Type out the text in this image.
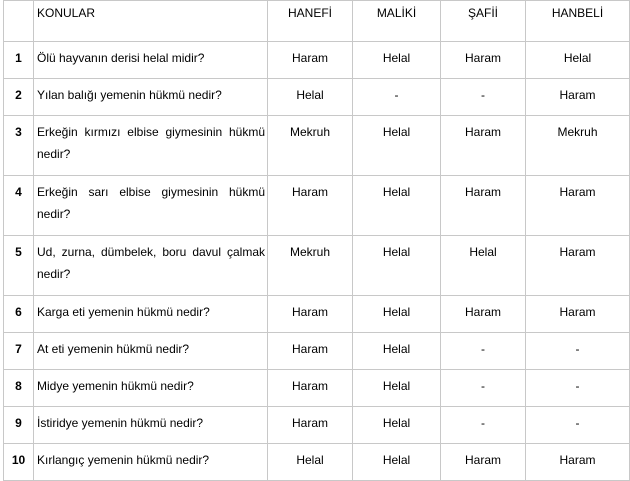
	KONULAR	HANEFİ	MALİKİ	ŞAFİİ	HANBELİ
1	Ölü hayvanın derisi helal midir?	Haram	Helal	Haram	Helal
2	Yılan balığı yemenin hükmü nedir?	Helal	-	-	Haram
3	Erkeğin kırmızı elbise giymesinin hükmü nedir?	Mekruh	Helal	Haram	Mekruh
4	Erkeğin sarı elbise giymesinin hükmü nedir?	Haram	Helal	Haram	Haram
5	Ud, zurna, dümbelek, boru davul çalmak nedir?	Mekruh	Helal	Helal	Haram
6	Karga eti yemenin hükmü nedir?	Haram	Helal	Haram	Haram
7	At eti yemenin hükmü nedir?	Haram	Helal	-	-
8	Midye yemenin hükmü nedir?	Haram	Helal	-	-
9	İstiridye yemenin hükmü nedir?	Haram	Helal	-	-
10	Kırlangıç yemenin hükmü nedir?	Helal	Helal	Haram	Haram
